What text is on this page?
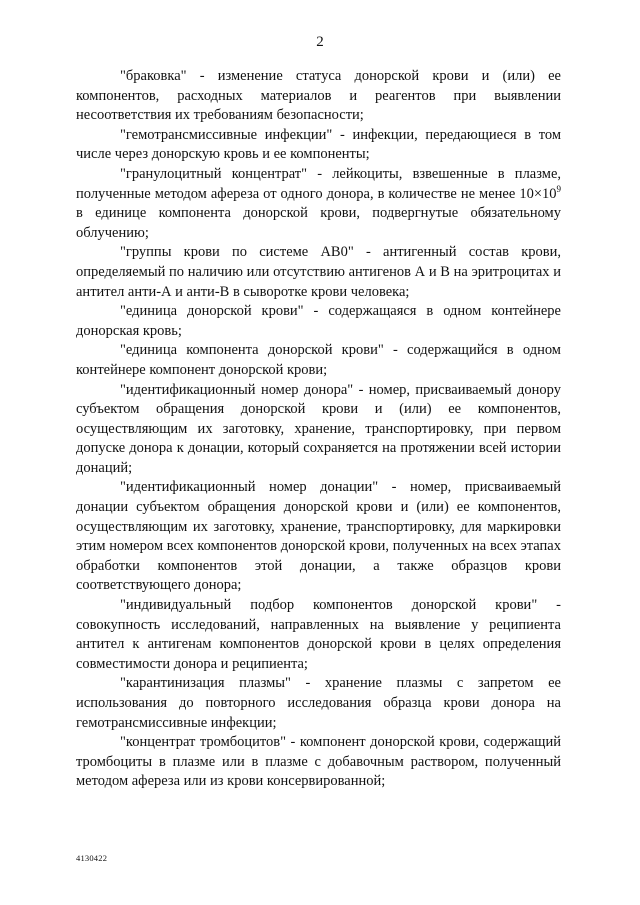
2

"браковка" - изменение статуса донорской крови и (или) ее компонентов, расходных материалов и реагентов при выявлении несоответствия их требованиям безопасности;

"гемотрансмиссивные инфекции" - инфекции, передающиеся в том числе через донорскую кровь и ее компоненты;

"гранулоцитный концентрат" - лейкоциты, взвешенные в плазме, полученные методом афереза от одного донора, в количестве не менее $10\times 10^9$ в единице компонента донорской крови, подвергнутые обязательному облучению;

"группы крови по системе АВ0" - антигенный состав крови, определяемый по наличию или отсутствию антигенов А и В на эритроцитах и антител анти-А и анти-В в сыворотке крови человека;

"единица донорской крови" - содержащаяся в одном контейнере донорская кровь;

"единица компонента донорской крови" - содержащийся в одном контейнере компонент донорской крови;

"идентификационный номер донора" - номер, присваиваемый донору субъектом обращения донорской крови и (или) ее компонентов, осуществляющим их заготовку, хранение, транспортировку, при первом допуске донора к донации, который сохраняется на протяжении всей истории донаций;

"идентификационный номер донации" - номер, присваиваемый донации субъектом обращения донорской крови и (или) ее компонентов, осуществляющим их заготовку, хранение, транспортировку, для маркировки этим номером всех компонентов донорской крови, полученных на всех этапах обработки компонентов этой донации, а также образцов крови соответствующего донора;

"индивидуальный подбор компонентов донорской крови" - совокупность исследований, направленных на выявление у реципиента антител к антигенам компонентов донорской крови в целях определения совместимости донора и реципиента;

"карантинизация плазмы" - хранение плазмы с запретом ее использования до повторного исследования образца крови донора на гемотрансмиссивные инфекции;

"концентрат тромбоцитов" - компонент донорской крови, содержащий тромбоциты в плазме или в плазме с добавочным раствором, полученный методом афереза или из крови консервированной;

4130422
